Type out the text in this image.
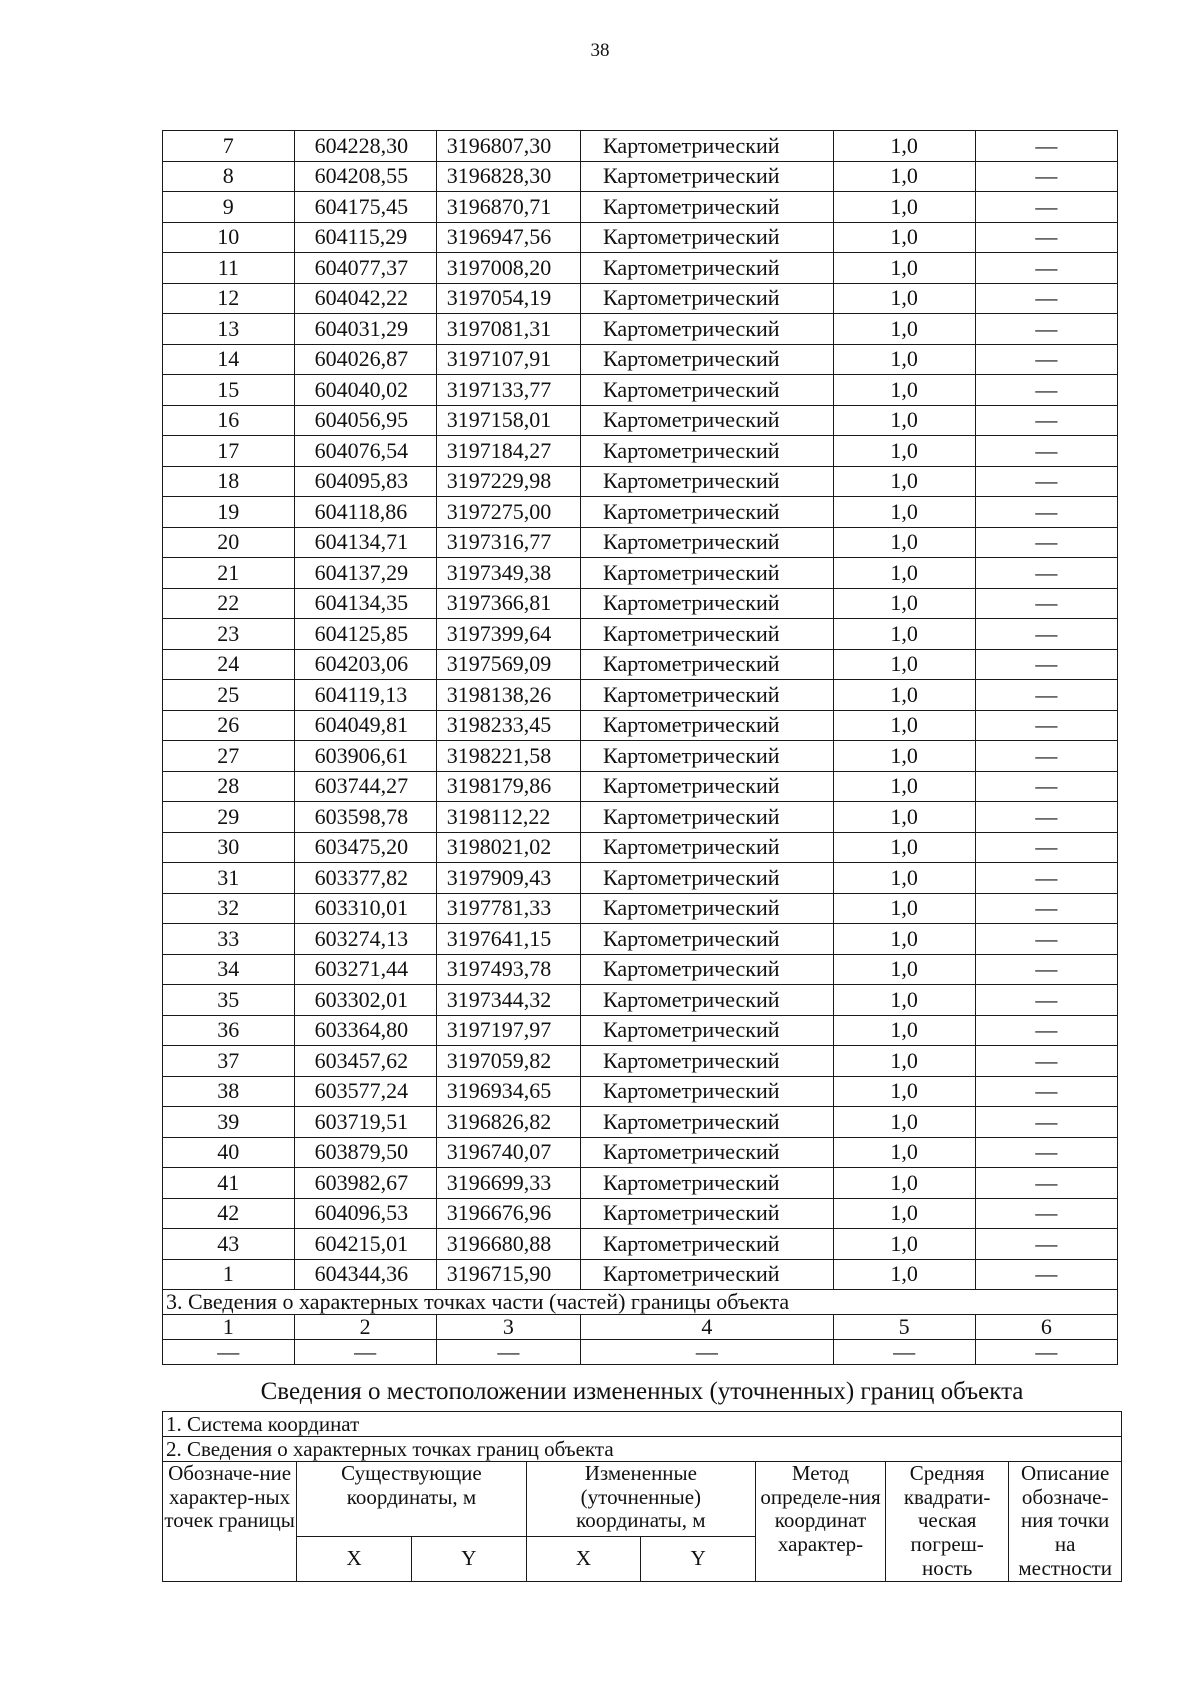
38
7	604228,30	3196807,30	Картометрический	1,0	—
8	604208,55	3196828,30	Картометрический	1,0	—
9	604175,45	3196870,71	Картометрический	1,0	—
10	604115,29	3196947,56	Картометрический	1,0	—
11	604077,37	3197008,20	Картометрический	1,0	—
12	604042,22	3197054,19	Картометрический	1,0	—
13	604031,29	3197081,31	Картометрический	1,0	—
14	604026,87	3197107,91	Картометрический	1,0	—
15	604040,02	3197133,77	Картометрический	1,0	—
16	604056,95	3197158,01	Картометрический	1,0	—
17	604076,54	3197184,27	Картометрический	1,0	—
18	604095,83	3197229,98	Картометрический	1,0	—
19	604118,86	3197275,00	Картометрический	1,0	—
20	604134,71	3197316,77	Картометрический	1,0	—
21	604137,29	3197349,38	Картометрический	1,0	—
22	604134,35	3197366,81	Картометрический	1,0	—
23	604125,85	3197399,64	Картометрический	1,0	—
24	604203,06	3197569,09	Картометрический	1,0	—
25	604119,13	3198138,26	Картометрический	1,0	—
26	604049,81	3198233,45	Картометрический	1,0	—
27	603906,61	3198221,58	Картометрический	1,0	—
28	603744,27	3198179,86	Картометрический	1,0	—
29	603598,78	3198112,22	Картометрический	1,0	—
30	603475,20	3198021,02	Картометрический	1,0	—
31	603377,82	3197909,43	Картометрический	1,0	—
32	603310,01	3197781,33	Картометрический	1,0	—
33	603274,13	3197641,15	Картометрический	1,0	—
34	603271,44	3197493,78	Картометрический	1,0	—
35	603302,01	3197344,32	Картометрический	1,0	—
36	603364,80	3197197,97	Картометрический	1,0	—
37	603457,62	3197059,82	Картометрический	1,0	—
38	603577,24	3196934,65	Картометрический	1,0	—
39	603719,51	3196826,82	Картометрический	1,0	—
40	603879,50	3196740,07	Картометрический	1,0	—
41	603982,67	3196699,33	Картометрический	1,0	—
42	604096,53	3196676,96	Картометрический	1,0	—
43	604215,01	3196680,88	Картометрический	1,0	—
1	604344,36	3196715,90	Картометрический	1,0	—
3. Сведения о характерных точках части (частей) границы объекта					
1	2	3	4	5	6
—	—	—	—	—	—
Сведения о местоположении измененных (уточненных) границ объекта
1. Система координат							
2. Сведения о характерных точках границ объекта							
Обозначе-ние характер-ных точек границы	Существующие координаты, м		Измененные (уточненные) координаты, м		Метод определе-ния координат характер-	Средняя квадрати-ческая погреш-ность	Описание обозначе-ния точки на местности
	X	Y	X	Y			
